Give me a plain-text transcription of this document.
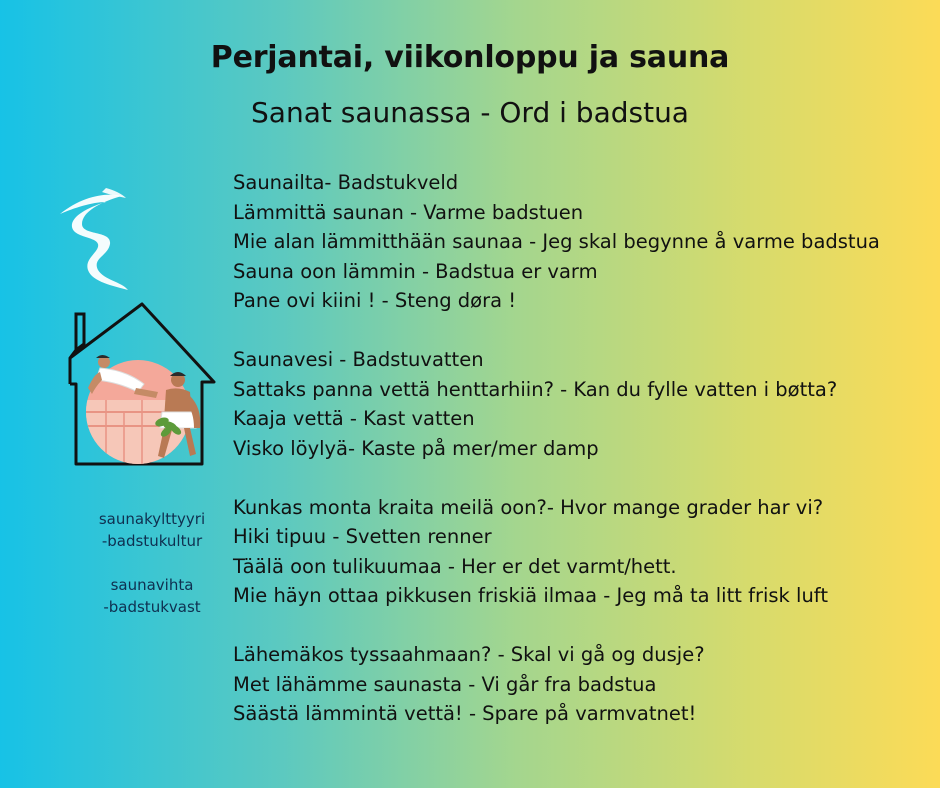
Perjantai, viikonloppu ja sauna
Sanat saunassa - Ord i badstua
Saunailta- Badstukveld
Lämmittä saunan - Varme badstuen
Mie alan lämmitthään saunaa - Jeg skal begynne å varme badstua
Sauna oon lämmin - Badstua er varm
Pane ovi kiini ! - Steng døra !
Saunavesi - Badstuvatten
Sattaks panna vettä henttarhiin? - Kan du fylle vatten i bøtta?
Kaaja vettä - Kast vatten
Visko löylyä- Kaste på mer/mer damp
Kunkas monta kraita meilä oon?- Hvor mange grader har vi?
Hiki tipuu - Svetten renner
Täälä oon tulikuumaa - Her er det varmt/hett.
Mie häyn ottaa pikkusen friskiä ilmaa - Jeg må ta litt frisk luft
Lähemäkos tyssaahmaan? - Skal vi gå og dusje?
Met lähämme saunasta - Vi går fra badstua
Säästä lämmintä vettä! - Spare på varmvatnet!
saunakylttyyri
-badstukultur
saunavihta
-badstukvast
